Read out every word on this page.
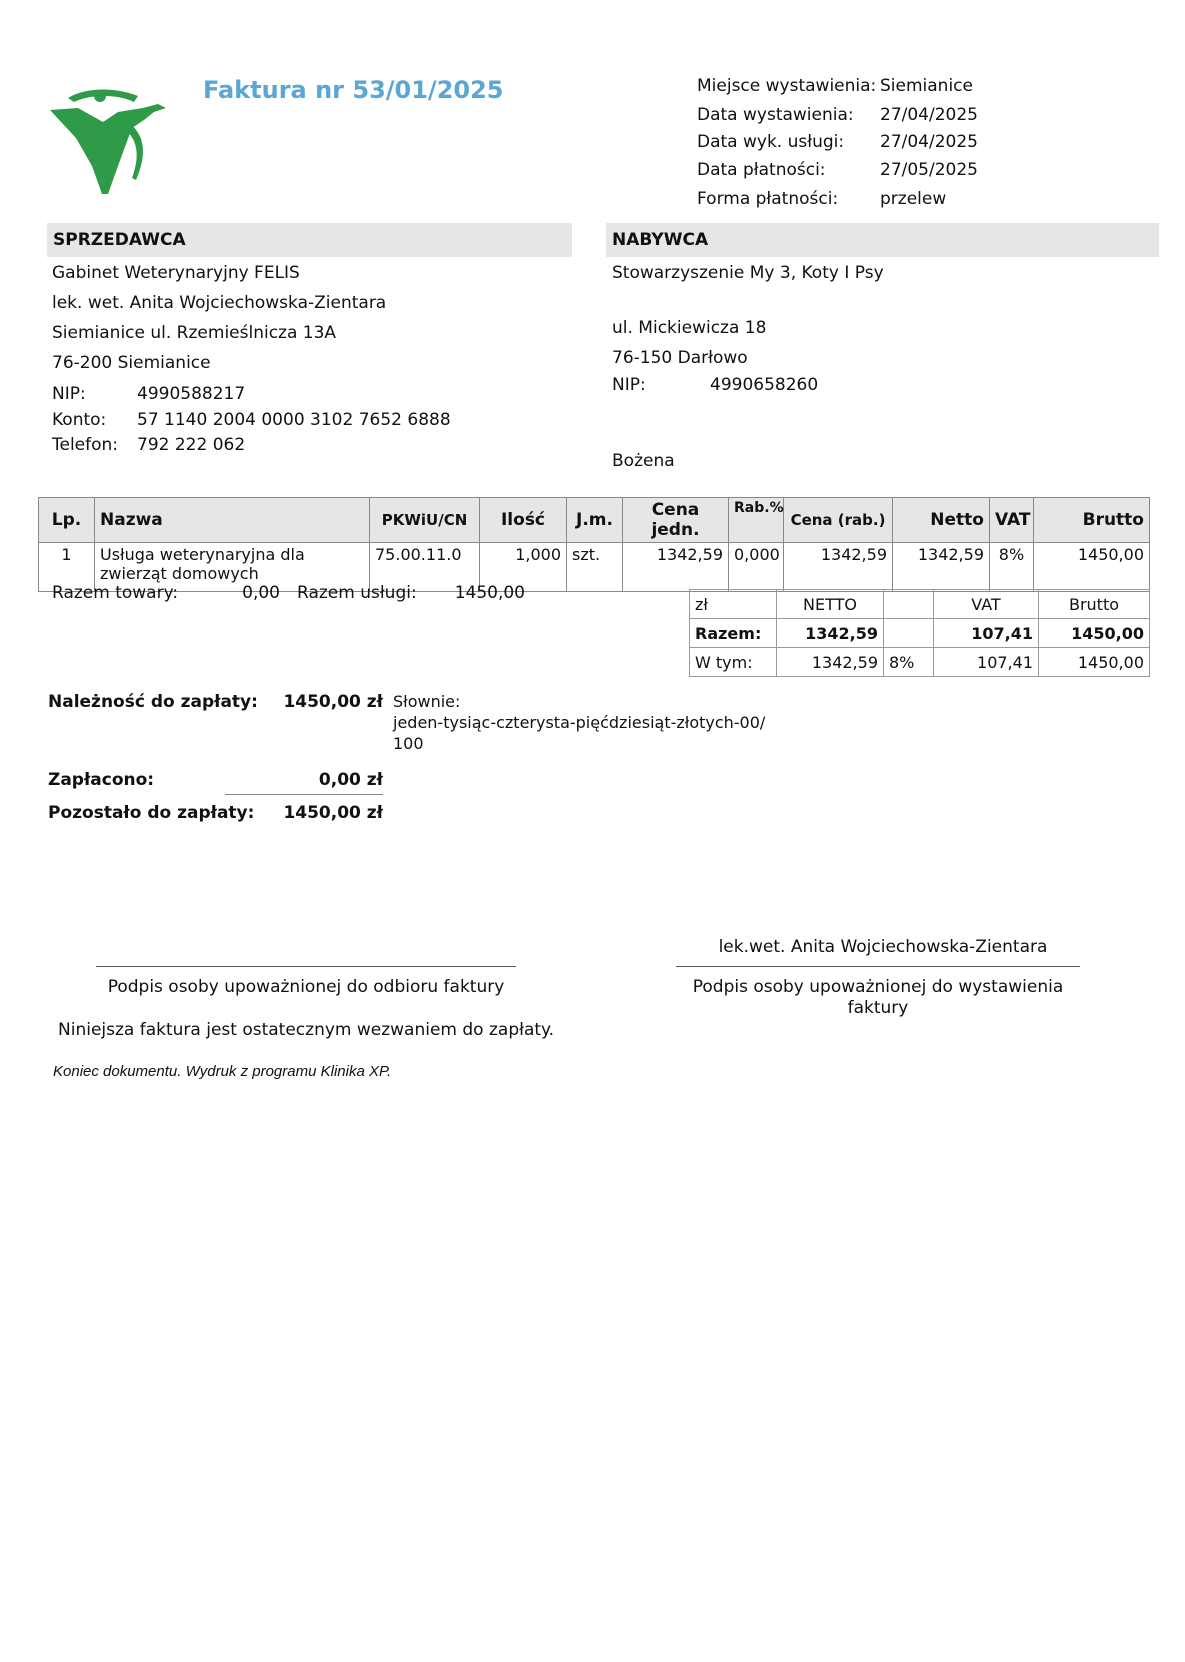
Faktura nr 53/01/2025	Miejsce wystawienia: Siemianice
Data wystawienia: 27/04/2025
Data wyk. usługi: 27/04/2025
Data płatności:	27/05/2025
Forma płatności: przelew
SPRZEDAWCA
Gabinet Weterynaryjny FELIS
lek. wet. Anita Wojciechowska-Zientara
Siemianice ul. Rzemieślnicza 13A
76-200 Siemianice
NIP:	4990588217
Konto: 57 1140 2004 0000 3102 7652 6888
Telefon: 792 222 062
NABYWCA
Stowarzyszenie My 3, Koty I Psy
ul. Mickiewicza 18
76-150 Darłowo
NIP:	4990658260
Bożena
Lp.	Nazwa	PKWiU/CN	Ilość	J.m.	Cena jedn.	Rab.%	Cena (rab.)	Netto	VAT	Brutto
1	Usługa weterynaryjna dla zwierząt domowych	75.00.11.0	1,000	szt.	1342,59	0,000	1342,59	1342,59	8%	1450,00
Razem towary:	0,00 Razem usługi:	1450,00
zł	NETTO		VAT	Brutto
Razem:	1342,59		107,41	1450,00
W tym:	1342,59	8%	107,41	1450,00
Należność do zapłaty:	1450,00 zł Słownie:
jeden-tysiąc-czterysta-pięćdziesiąt-złotych-00/
100
Zapłacono:	0,00 zł
Pozostało do zapłaty:	1450,00 zł
lek.wet. Anita Wojciechowska-Zientara
Podpis osoby upoważnionej do odbioru faktury	Podpis osoby upoważnionej do wystawienia
faktury
Niniejsza faktura jest ostatecznym wezwaniem do zapłaty.
Koniec dokumentu. Wydruk z programu Klinika XP.
